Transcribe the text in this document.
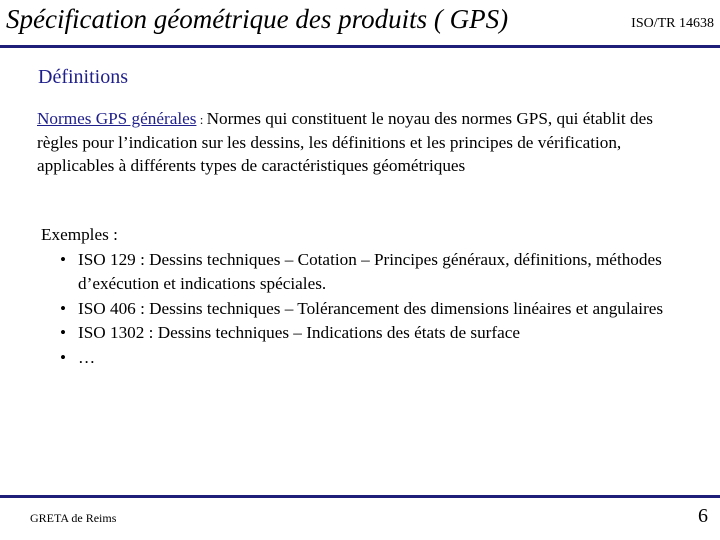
Spécification géométrique des produits ( GPS)	ISO/TR 14638
Définitions
Normes GPS générales : Normes qui constituent le noyau des normes GPS, qui établit des règles pour l’indication sur les dessins, les définitions et les principes de vérification, applicables à différents types de caractéristiques géométriques
Exemples :
• ISO 129 : Dessins techniques – Cotation – Principes généraux, définitions, méthodes d’exécution et indications spéciales.
• ISO 406 : Dessins techniques – Tolérancement des dimensions linéaires et angulaires
• ISO 1302 : Dessins techniques – Indications des états de surface
• …
GRETA de Reims	6
